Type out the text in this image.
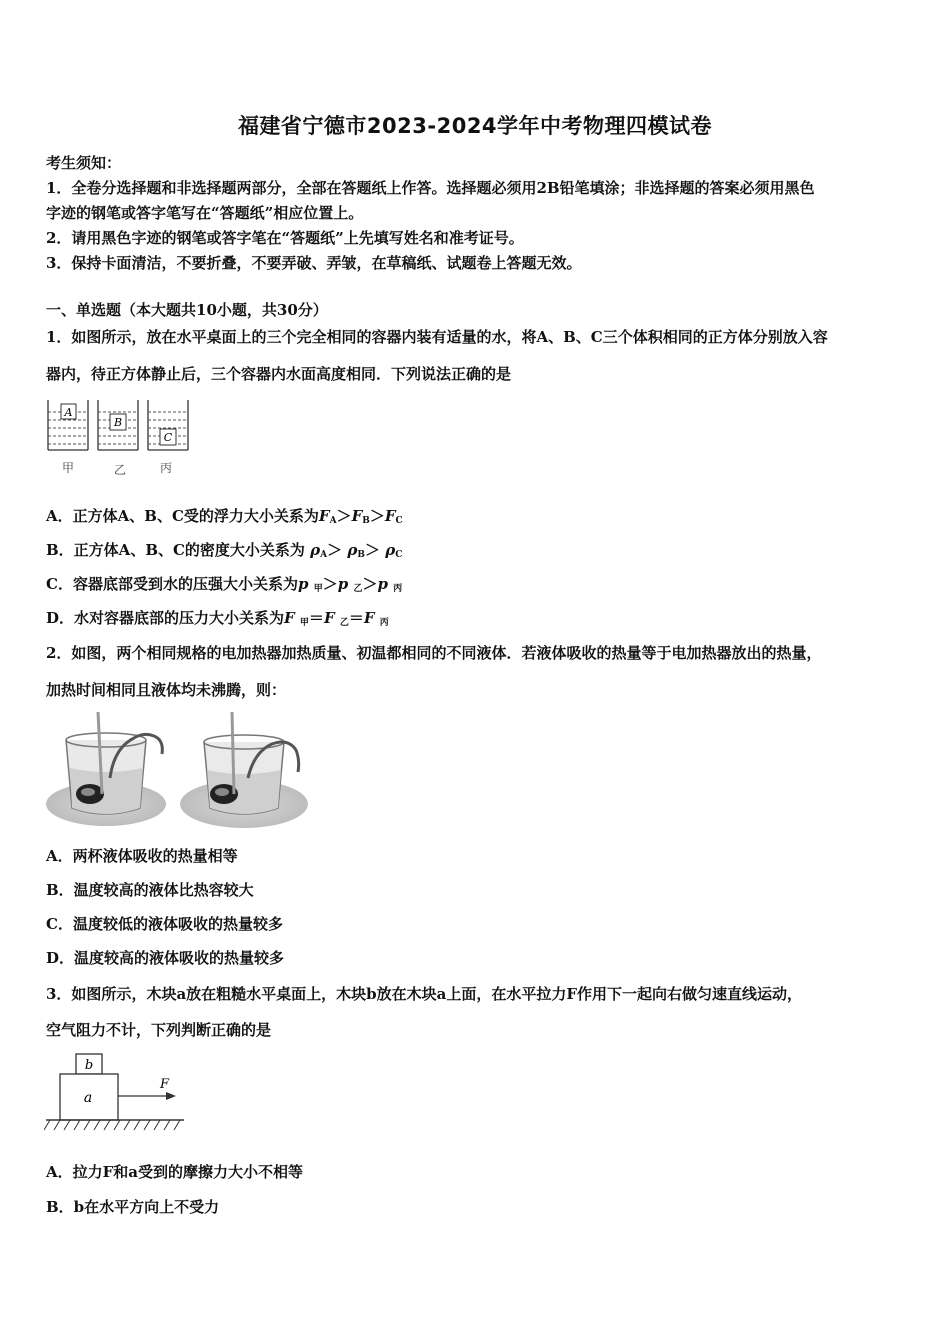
福建省宁德市2023-2024学年中考物理四模试卷
考生须知：
1．全卷分选择题和非选择题两部分，全部在答题纸上作答。选择题必须用2B铅笔填涂；非选择题的答案必须用黑色
字迹的钢笔或答字笔写在“答题纸”相应位置上。
2．请用黑色字迹的钢笔或答字笔在“答题纸”上先填写姓名和准考证号。
3．保持卡面清洁，不要折叠，不要弄破、弄皱，在草稿纸、试题卷上答题无效。
一、单选题（本大题共10小题，共30分）
1．如图所示，放在水平桌面上的三个完全相同的容器内装有适量的水，将A、B、C三个体积相同的正方体分别放入容
器内，待正方体静止后，三个容器内水面高度相同．下列说法正确的是
A
B
C
甲	乙	丙
A．正方体A、B、C受的浮力大小关系为$F_A>F_B>F_C$
B．正方体A、B、C的密度大小关系为 $\rho_A> \rho_B> \rho_C$
C．容器底部受到水的压强大小关系为p $_甲$＞p $_乙$＞p $_丙$
D．水对容器底部的压力大小关系为F $_甲$＝F $_乙$＝F $_丙$
2．如图，两个相同规格的电加热器加热质量、初温都相同的不同液体．若液体吸收的热量等于电加热器放出的热量，
加热时间相同且液体均未沸腾，则：
A．两杯液体吸收的热量相等
B．温度较高的液体比热容较大
C．温度较低的液体吸收的热量较多
D．温度较高的液体吸收的热量较多
3．如图所示，木块a放在粗糙水平桌面上，木块b放在木块a上面，在水平拉力F作用下一起向右做匀速直线运动，
空气阻力不计，下列判断正确的是
b
a
F
A．拉力F和a受到的摩擦力大小不相等
B．b在水平方向上不受力
